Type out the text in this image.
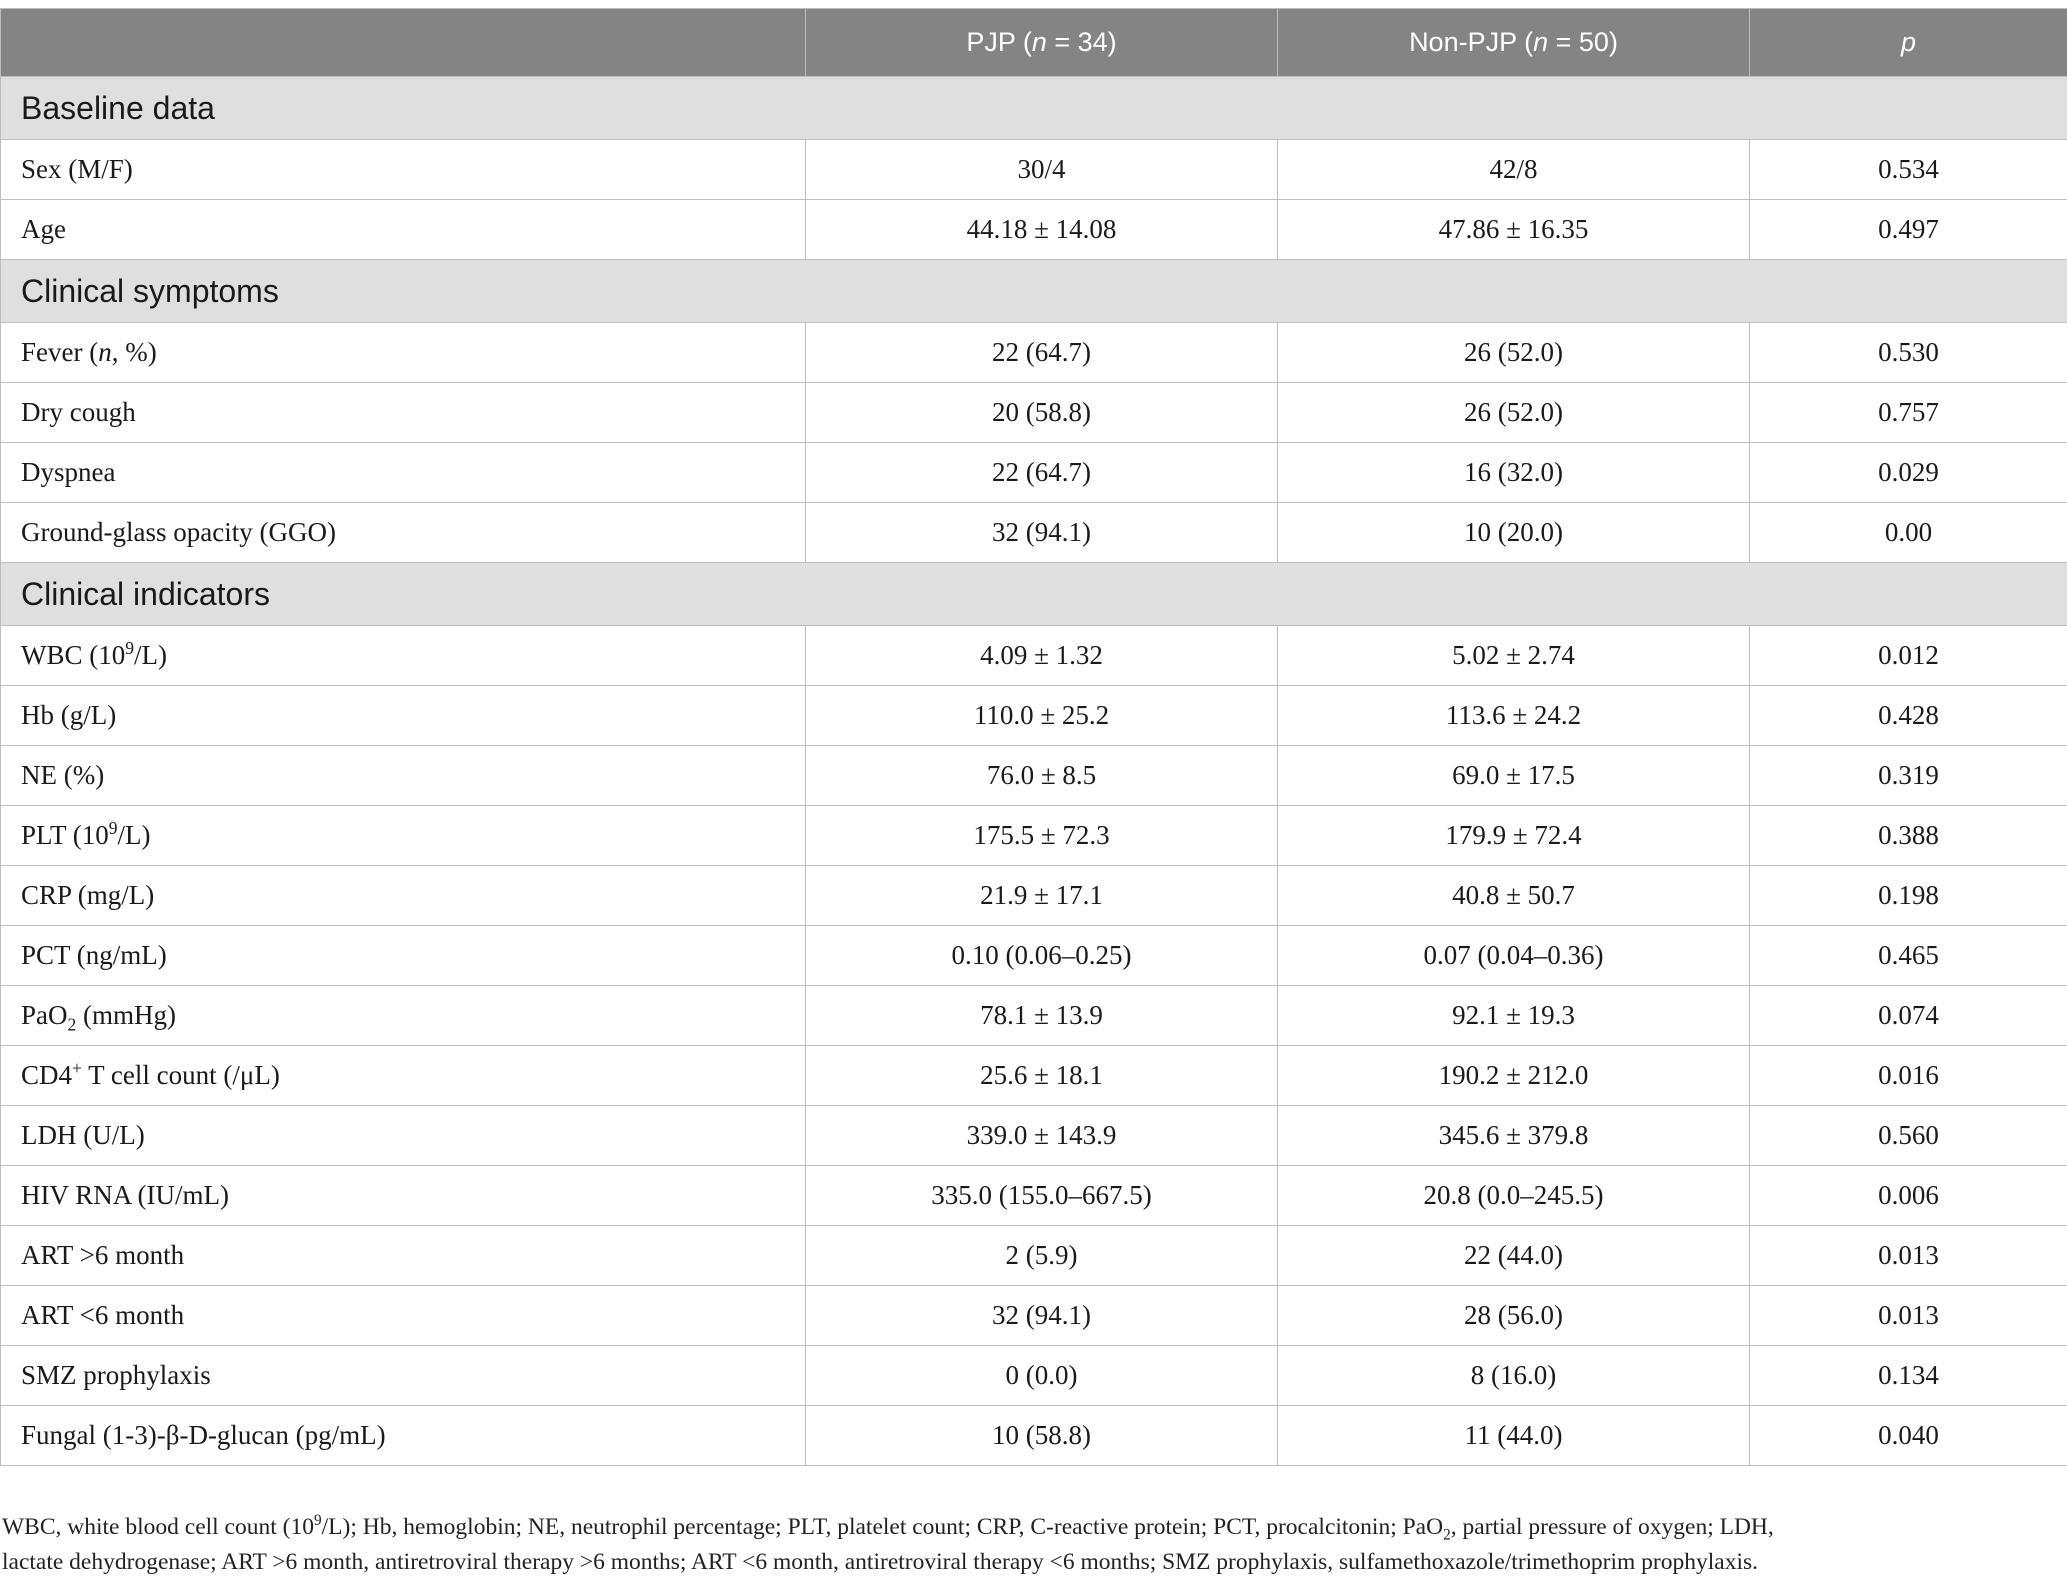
	PJP (n = 34)	Non-PJP (n = 50)	p
Baseline data			
Sex (M/F)	30/4	42/8	0.534
Age	44.18 ± 14.08	47.86 ± 16.35	0.497
Clinical symptoms			
Fever (n, %)	22 (64.7)	26 (52.0)	0.530
Dry cough	20 (58.8)	26 (52.0)	0.757
Dyspnea	22 (64.7)	16 (32.0)	0.029
Ground-glass opacity (GGO)	32 (94.1)	10 (20.0)	0.00
Clinical indicators			
WBC $(10^9/L)$	4.09 ± 1.32	5.02 ± 2.74	0.012
Hb (g/L)	110.0 ± 25.2	113.6 ± 24.2	0.428
NE (%)	76.0 ± 8.5	69.0 ± 17.5	0.319
PLT $(10^9/L)$	175.5 ± 72.3	179.9 ± 72.4	0.388
CRP (mg/L)	21.9 ± 17.1	40.8 ± 50.7	0.198
PCT (ng/mL)	0.10 (0.06–0.25)	0.07 (0.04–0.36)	0.465
PaO$_2$ (mmHg)	78.1 ± 13.9	92.1 ± 19.3	0.074
CD4+ T cell count (/μL)	25.6 ± 18.1	190.2 ± 212.0	0.016
LDH (U/L)	339.0 ± 143.9	345.6 ± 379.8	0.560
HIV RNA (IU/mL)	335.0 (155.0–667.5)	20.8 (0.0–245.5)	0.006
ART >6 month	2 (5.9)	22 (44.0)	0.013
ART <6 month	32 (94.1)	28 (56.0)	0.013
SMZ prophylaxis	0 (0.0)	8 (16.0)	0.134
Fungal (1-3)-β-D-glucan (pg/mL)	10 (58.8)	11 (44.0)	0.040

WBC, white blood cell count $(10^9/L)$; Hb, hemoglobin; NE, neutrophil percentage; PLT, platelet count; CRP, C-reactive protein; PCT, procalcitonin; PaO$_2$, partial pressure of oxygen; LDH,

lactate dehydrogenase; ART >6 month, antiretroviral therapy >6 months; ART <6 month, antiretroviral therapy <6 months; SMZ prophylaxis, sulfamethoxazole/trimethoprim prophylaxis.
